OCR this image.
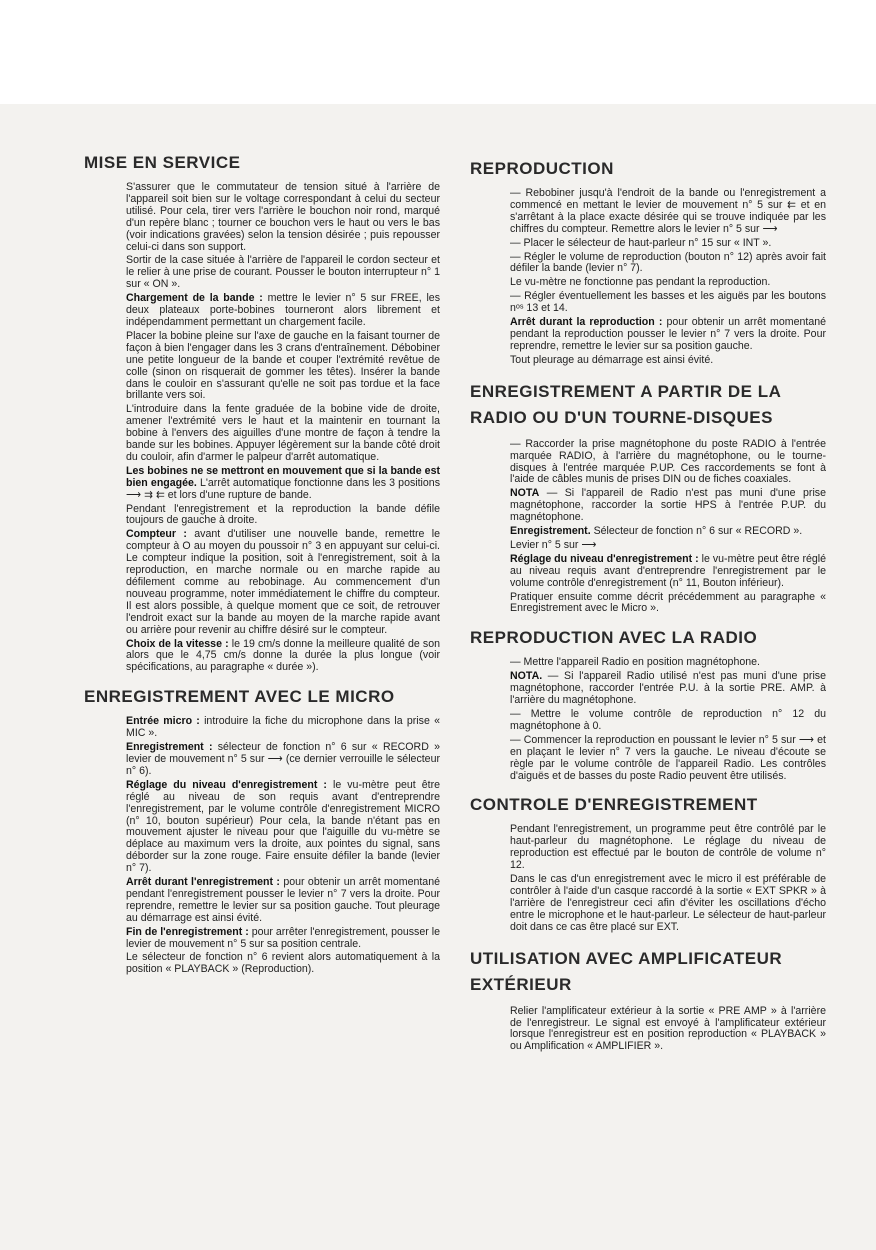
MISE EN SERVICE

S'assurer que le commutateur de tension situé à l'arrière de l'appareil soit bien sur le voltage correspondant à celui du secteur utilisé. Pour cela, tirer vers l'arrière le bouchon noir rond, marqué d'un repère blanc ; tourner ce bouchon vers le haut ou vers le bas (voir indications gravées) selon la tension désirée ; puis repousser celui-ci dans son support.

Sortir de la case située à l'arrière de l'appareil le cordon secteur et le relier à une prise de courant. Pousser le bouton interrupteur n° 1 sur « ON ».

Chargement de la bande : mettre le levier n° 5 sur FREE, les deux plateaux porte-bobines tourneront alors librement et indépendamment permettant un chargement facile.

Placer la bobine pleine sur l'axe de gauche en la faisant tourner de façon à bien l'engager dans les 3 crans d'entraînement. Débobiner une petite longueur de la bande et couper l'extrémité revêtue de colle (sinon on risquerait de gommer les têtes). Insérer la bande dans le couloir en s'assurant qu'elle ne soit pas tordue et la face brillante vers soi.

L'introduire dans la fente graduée de la bobine vide de droite, amener l'extrémité vers le haut et la maintenir en tournant la bobine à l'envers des aiguilles d'une montre de façon à tendre la bande sur les bobines. Appuyer légèrement sur la bande côté droit du couloir, afin d'armer le palpeur d'arrêt automatique.

Les bobines ne se mettront en mouvement que si la bande est bien engagée. L'arrêt automatique fonctionne dans les 3 positions ⟶ ⇉ ⇇ et lors d'une rupture de bande.

Pendant l'enregistrement et la reproduction la bande défile toujours de gauche à droite.

Compteur : avant d'utiliser une nouvelle bande, remettre le compteur à O au moyen du poussoir n° 3 en appuyant sur celui-ci. Le compteur indique la position, soit à l'enregistrement, soit à la reproduction, en marche normale ou en marche rapide au défilement comme au rebobinage. Au commencement d'un nouveau programme, noter immédiatement le chiffre du compteur. Il est alors possible, à quelque moment que ce soit, de retrouver l'endroit exact sur la bande au moyen de la marche rapide avant ou arrière pour revenir au chiffre désiré sur le compteur.

Choix de la vitesse : le 19 cm/s donne la meilleure qualité de son alors que le 4,75 cm/s donne la durée la plus longue (voir spécifications, au paragraphe « durée »).

ENREGISTREMENT AVEC LE MICRO

Entrée micro : introduire la fiche du microphone dans la prise « MIC ».

Enregistrement : sélecteur de fonction n° 6 sur « RECORD » levier de mouvement n° 5 sur ⟶ (ce dernier verrouille le sélecteur n° 6).

Réglage du niveau d'enregistrement : le vu-mètre peut être réglé au niveau de son requis avant d'entreprendre l'enregistrement, par le volume contrôle d'enregistrement MICRO (n° 10, bouton supérieur) Pour cela, la bande n'étant pas en mouvement ajuster le niveau pour que l'aiguille du vu-mètre se déplace au maximum vers la droite, aux pointes du signal, sans déborder sur la zone rouge. Faire ensuite défiler la bande (levier n° 7).

Arrêt durant l'enregistrement : pour obtenir un arrêt momentané pendant l'enregistrement pousser le levier n° 7 vers la droite. Pour reprendre, remettre le levier sur sa position gauche. Tout pleurage au démarrage est ainsi évité.

Fin de l'enregistrement : pour arrêter l'enregistrement, pousser le levier de mouvement n° 5 sur sa position centrale.

Le sélecteur de fonction n° 6 revient alors automatiquement à la position « PLAYBACK » (Reproduction).

REPRODUCTION

— Rebobiner jusqu'à l'endroit de la bande ou l'enregistrement a commencé en mettant le levier de mouvement n° 5 sur ⇇ et en s'arrêtant à la place exacte désirée qui se trouve indiquée par les chiffres du compteur. Remettre alors le levier n° 5 sur ⟶

— Placer le sélecteur de haut-parleur n° 15 sur « INT ».

— Régler le volume de reproduction (bouton n° 12) après avoir fait défiler la bande (levier n° 7).

Le vu-mètre ne fonctionne pas pendant la reproduction.

— Régler éventuellement les basses et les aiguës par les boutons nᵒˢ 13 et 14.

Arrêt durant la reproduction : pour obtenir un arrêt momentané pendant la reproduction pousser le levier n° 7 vers la droite. Pour reprendre, remettre le levier sur sa position gauche.

Tout pleurage au démarrage est ainsi évité.

ENREGISTREMENT A PARTIR DE LA RADIO OU D'UN TOURNE-DISQUES

— Raccorder la prise magnétophone du poste RADIO à l'entrée marquée RADIO, à l'arrière du magnétophone, ou le tourne-disques à l'entrée marquée P.UP. Ces raccordements se font à l'aide de câbles munis de prises DIN ou de fiches coaxiales.

NOTA — Si l'appareil de Radio n'est pas muni d'une prise magnétophone, raccorder la sortie HPS à l'entrée P.UP. du magnétophone.

Enregistrement. Sélecteur de fonction n° 6 sur « RECORD ».

Levier n° 5 sur ⟶

Réglage du niveau d'enregistrement : le vu-mètre peut être réglé au niveau requis avant d'entreprendre l'enregistrement par le volume contrôle d'enregistrement (n° 11, Bouton inférieur).

Pratiquer ensuite comme décrit précédemment au paragraphe « Enregistrement avec le Micro ».

REPRODUCTION AVEC LA RADIO

— Mettre l'appareil Radio en position magnétophone.

NOTA. — Si l'appareil Radio utilisé n'est pas muni d'une prise magnétophone, raccorder l'entrée P.U. à la sortie PRE. AMP. à l'arrière du magnétophone.

— Mettre le volume contrôle de reproduction n° 12 du magnétophone à 0.

— Commencer la reproduction en poussant le levier n° 5 sur ⟶ et en plaçant le levier n° 7 vers la gauche. Le niveau d'écoute se règle par le volume contrôle de l'appareil Radio. Les contrôles d'aiguës et de basses du poste Radio peuvent être utilisés.

CONTROLE D'ENREGISTREMENT

Pendant l'enregistrement, un programme peut être contrôlé par le haut-parleur du magnétophone. Le réglage du niveau de reproduction est effectué par le bouton de contrôle de volume n° 12.

Dans le cas d'un enregistrement avec le micro il est préférable de contrôler à l'aide d'un casque raccordé à la sortie « EXT SPKR » à l'arrière de l'enregistreur ceci afin d'éviter les oscillations d'écho entre le microphone et le haut-parleur. Le sélecteur de haut-parleur doit dans ce cas être placé sur EXT.

UTILISATION AVEC AMPLIFICATEUR EXTÉRIEUR

Relier l'amplificateur extérieur à la sortie « PRE AMP » à l'arrière de l'enregistreur. Le signal est envoyé à l'amplificateur extérieur lorsque l'enregistreur est en position reproduction « PLAYBACK » ou Amplification « AMPLIFIER ».
